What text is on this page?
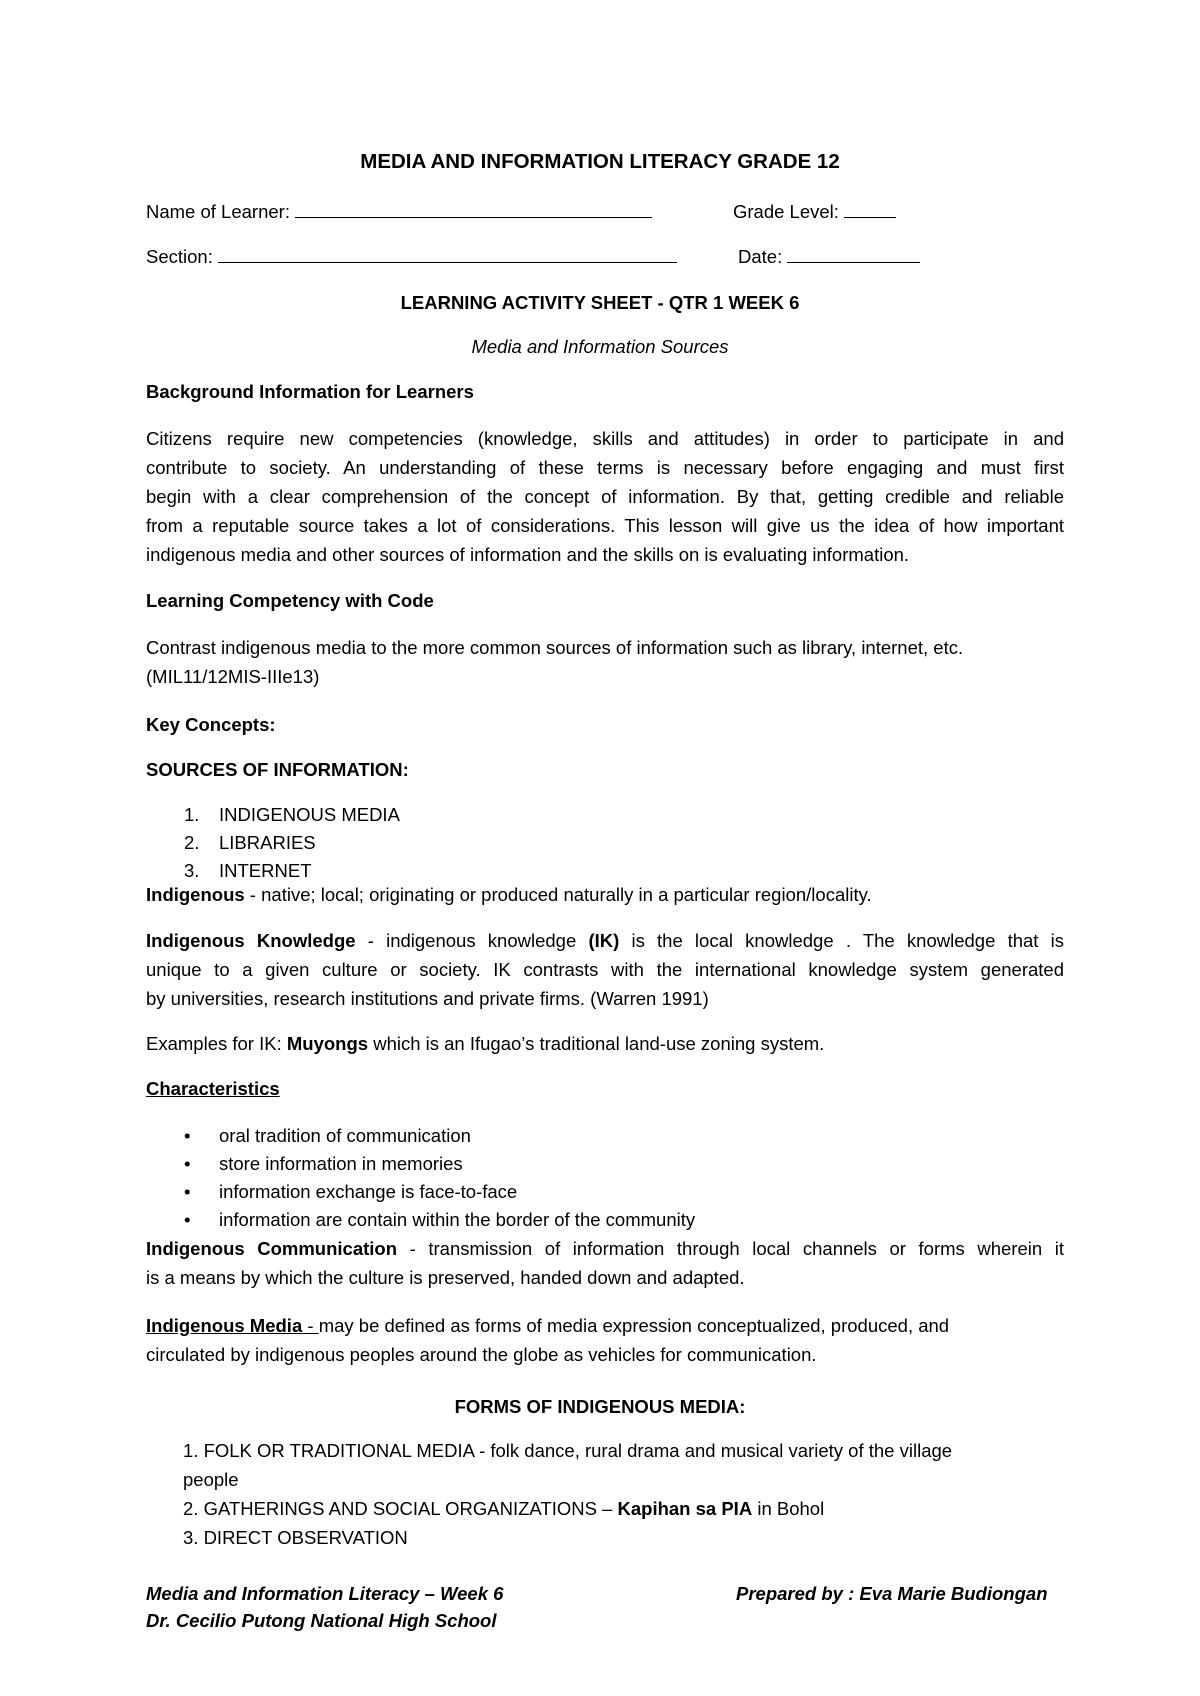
MEDIA AND INFORMATION LITERACY GRADE 12
Name of Learner:	Grade Level:
Section:	Date:
LEARNING ACTIVITY SHEET - QTR 1 WEEK 6
Media and Information Sources
Background Information for Learners
Citizens require new competencies (knowledge, skills and attitudes) in order to participate in and
contribute to society. An understanding of these terms is necessary before engaging and must first
begin with a clear comprehension of the concept of information. By that, getting credible and reliable
from a reputable source takes a lot of considerations. This lesson will give us the idea of how important
indigenous media and other sources of information and the skills on is evaluating information.
Learning Competency with Code
Contrast indigenous media to the more common sources of information such as library, internet, etc.
(MIL11/12MIS-IIIe13)
Key Concepts:
SOURCES OF INFORMATION:
1. INDIGENOUS MEDIA
2. LIBRARIES
3. INTERNET
Indigenous - native; local; originating or produced naturally in a particular region/locality.
Indigenous Knowledge - indigenous knowledge (IK) is the local knowledge . The knowledge that is
unique to a given culture or society. IK contrasts with the international knowledge system generated
by universities, research institutions and private firms. (Warren 1991)
Examples for IK: Muyongs which is an Ifugao’s traditional land-use zoning system.
Characteristics
• oral tradition of communication
• store information in memories
• information exchange is face-to-face
• information are contain within the border of the community
Indigenous Communication - transmission of information through local channels or forms wherein it
is a means by which the culture is preserved, handed down and adapted.
Indigenous Media - may be defined as forms of media expression conceptualized, produced, and
circulated by indigenous peoples around the globe as vehicles for communication.
FORMS OF INDIGENOUS MEDIA:
1. FOLK OR TRADITIONAL MEDIA - folk dance, rural drama and musical variety of the village
people
2. GATHERINGS AND SOCIAL ORGANIZATIONS – Kapihan sa PIA in Bohol
3. DIRECT OBSERVATION
Media and Information Literacy – Week 6
Dr. Cecilio Putong National High School
Prepared by : Eva Marie Budiongan
